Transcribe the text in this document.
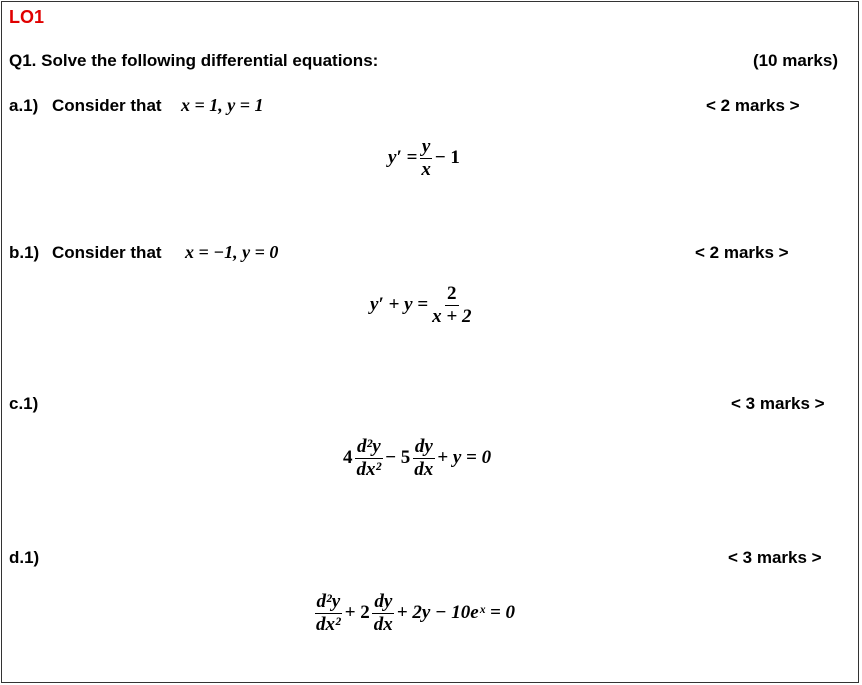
LO1
Q1. Solve the following differential equations:	(10 marks)
a.1) Consider that x = 1, y = 1	< 2 marks >
$y' = \frac{y}{x} - 1$
b.1) Consider that x = −1, y = 0	< 2 marks >
$y' + y = \frac{2}{x + 2}$
c.1)	< 3 marks >
$4 \frac{\text{d²y}}{\text{dx²}} - 5 \frac{dy}{dx} + y = 0$
d.1)	< 3 marks >
$\frac{\text{d²y}}{\text{dx²}} + 2 \frac{dy}{dx} + 2y$ − 10eˣ = 0
